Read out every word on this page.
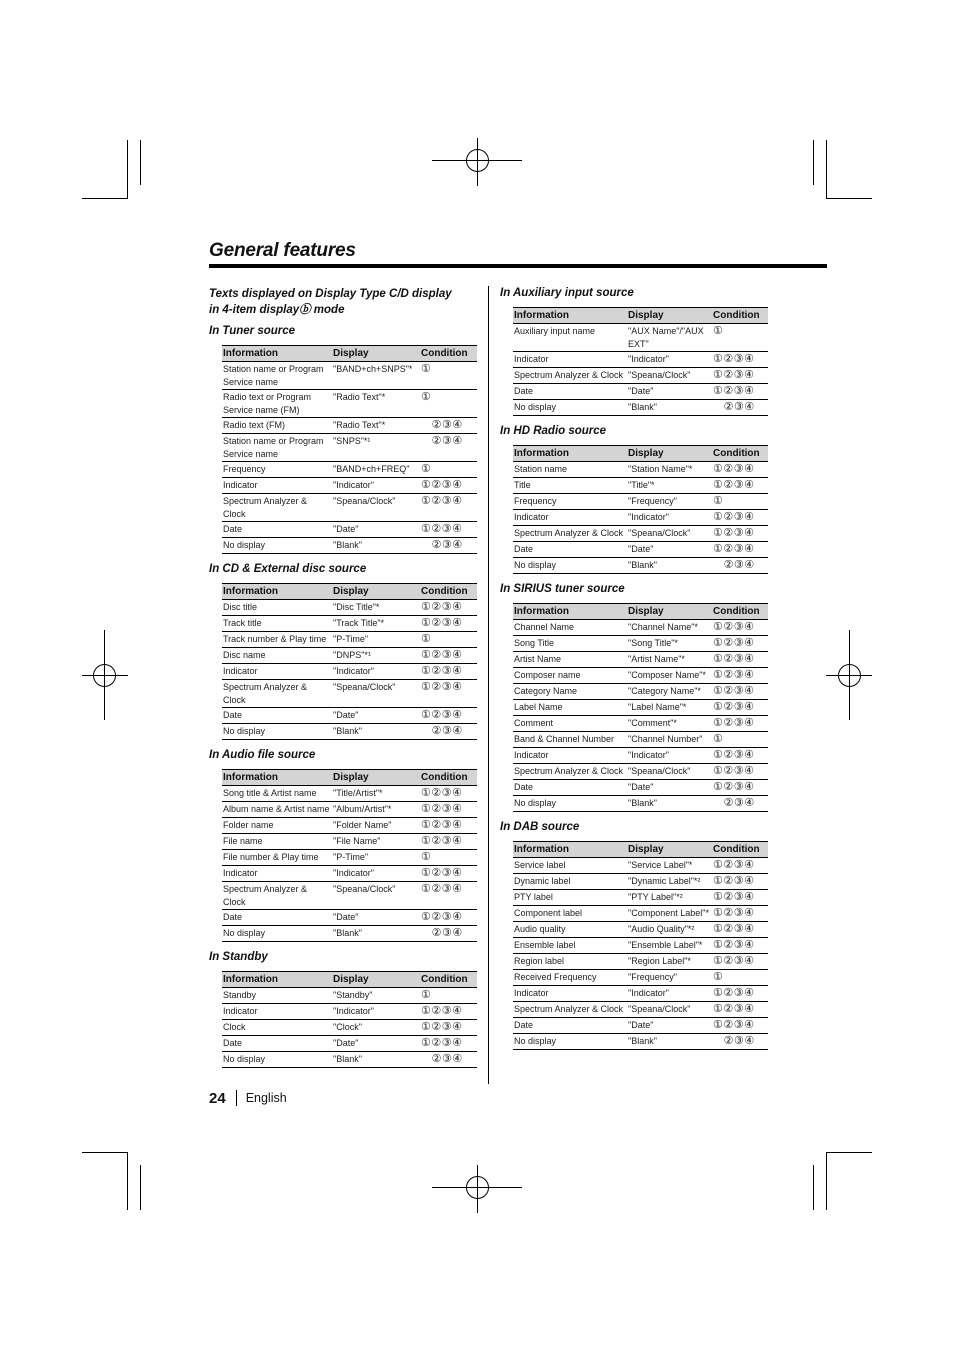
General features

Texts displayed on Display Type C/D display
in 4-item displayⓑ mode

In Tuner source

Information	Display	Condition
Station name or Program Service name	"BAND+ch+SNPS"*	①
Radio text or Program Service name (FM)	"Radio Text"*	①
Radio text (FM)	"Radio Text"*	②③④
Station name or Program Service name	"SNPS"*¹	②③④
Frequency	"BAND+ch+FREQ"	①
Indicator	"Indicator"	①②③④
Spectrum Analyzer & Clock	"Speana/Clock"	①②③④
Date	"Date"	①②③④
No display	"Blank"	②③④

In CD & External disc source

Information	Display	Condition
Disc title	"Disc Title"*	①②③④
Track title	"Track Title"*	①②③④
Track number & Play time	"P-Time"	①
Disc name	"DNPS"*¹	①②③④
Indicator	"Indicator"	①②③④
Spectrum Analyzer & Clock	"Speana/Clock"	①②③④
Date	"Date"	①②③④
No display	"Blank"	②③④

In Audio file source

Information	Display	Condition
Song title & Artist name	"Title/Artist"*	①②③④
Album name & Artist name	"Album/Artist"*	①②③④
Folder name	"Folder Name"	①②③④
File name	"File Name"	①②③④
File number & Play time	"P-Time"	①
Indicator	"Indicator"	①②③④
Spectrum Analyzer & Clock	"Speana/Clock"	①②③④
Date	"Date"	①②③④
No display	"Blank"	②③④

In Standby

Information	Display	Condition
Standby	"Standby"	①
Indicator	"Indicator"	①②③④
Clock	"Clock"	①②③④
Date	"Date"	①②③④
No display	"Blank"	②③④

In Auxiliary input source

Information	Display	Condition
Auxiliary input name	"AUX Name"/"AUX EXT"	①
Indicator	"Indicator"	①②③④
Spectrum Analyzer & Clock	"Speana/Clock"	①②③④
Date	"Date"	①②③④
No display	"Blank"	②③④

In HD Radio source

Information	Display	Condition
Station name	"Station Name"*	①②③④
Title	"Title"*	①②③④
Frequency	"Frequency"	①
Indicator	"Indicator"	①②③④
Spectrum Analyzer & Clock	"Speana/Clock"	①②③④
Date	"Date"	①②③④
No display	"Blank"	②③④

In SIRIUS tuner source

Information	Display	Condition
Channel Name	"Channel Name"*	①②③④
Song Title	"Song Title"*	①②③④
Artist Name	"Artist Name"*	①②③④
Composer name	"Composer Name"*	①②③④
Category Name	"Category Name"*	①②③④
Label Name	"Label Name"*	①②③④
Comment	"Comment"*	①②③④
Band & Channel Number	"Channel Number"	①
Indicator	"Indicator"	①②③④
Spectrum Analyzer & Clock	"Speana/Clock"	①②③④
Date	"Date"	①②③④
No display	"Blank"	②③④

In DAB source

Information	Display	Condition
Service label	"Service Label"*	①②③④
Dynamic label	"Dynamic Label"*²	①②③④
PTY label	"PTY Label"*²	①②③④
Component label	"Component Label"*	①②③④
Audio quality	"Audio Quality"*²	①②③④
Ensemble label	"Ensemble Label"*	①②③④
Region label	"Region Label"*	①②③④
Received Frequency	"Frequency"	①
Indicator	"Indicator"	①②③④
Spectrum Analyzer & Clock	"Speana/Clock"	①②③④
Date	"Date"	①②③④
No display	"Blank"	②③④
24 English
